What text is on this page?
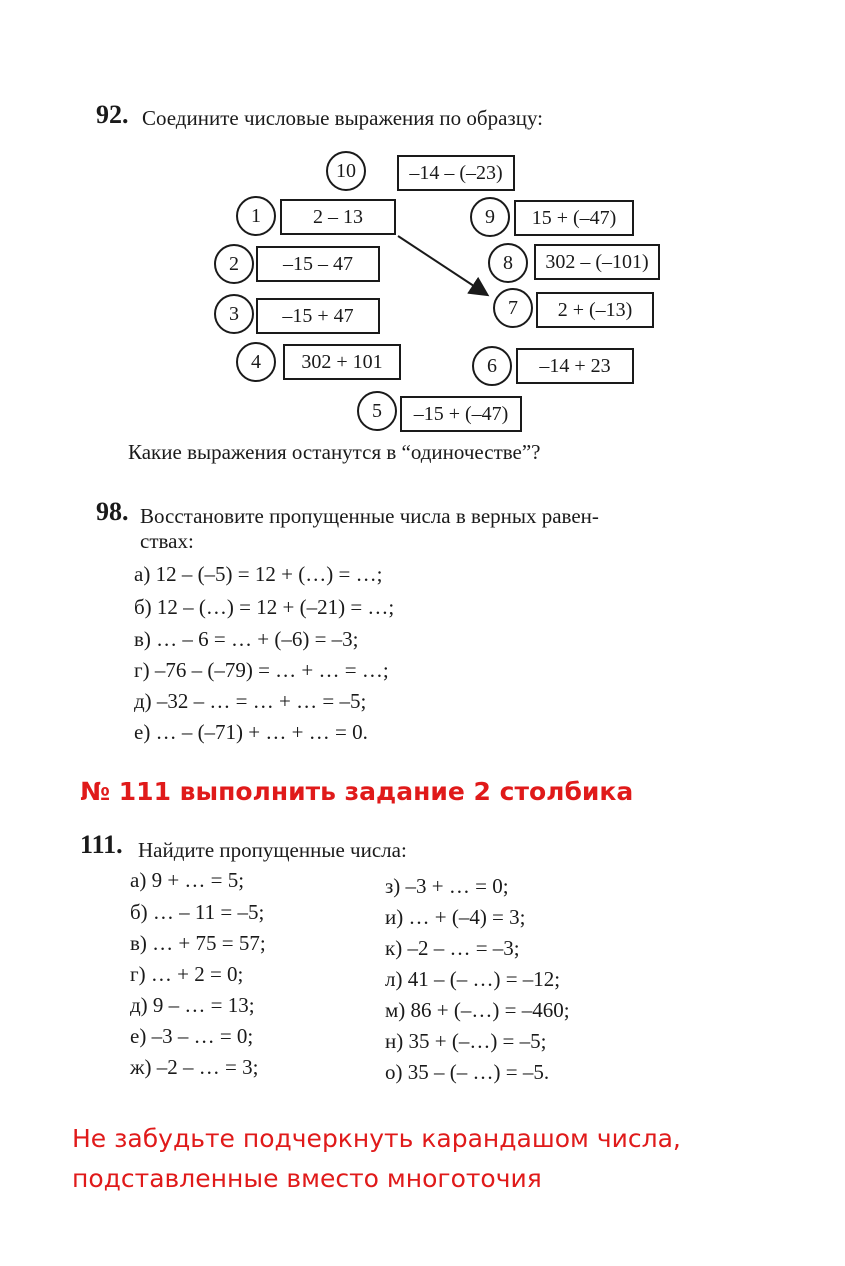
92. Соедините числовые выражения по образцу:
10	–14 – (–23)
1	2 – 13	9	15 + (–47)
2	–15 – 47	8	302 – (–101)
3	–15 + 47	7	2 + (–13)
4	302 + 101	6	–14 + 23
5	–15 + (–47)
Какие выражения останутся в “одиночестве”?
98. Восстановите пропущенные числа в верных равен-
ствах:
а) 12 – (–5) = 12 + (…) = …;
б) 12 – (…) = 12 + (–21) = …;
в) … – 6 = … + (–6) = –3;
г) –76 – (–79) = … + … = …;
д) –32 – … = … + … = –5;
е) … – (–71) + … + … = 0.
№ 111 выполнить задание 2 столбика
111. Найдите пропущенные числа:
а) 9 + … = 5;
б) … – 11 = –5;
в) … + 75 = 57;
г) … + 2 = 0;
д) 9 – … = 13;
е) –3 – … = 0;
ж) –2 – … = 3;
з) –3 + … = 0;
и) … + (–4) = 3;
к) –2 – … = –3;
л) 41 – (– …) = –12;
м) 86 + (–…) = –460;
н) 35 + (–…) = –5;
о) 35 – (– …) = –5.
Не забудьте подчеркнуть карандашом числа,
подставленные вместо многоточия
